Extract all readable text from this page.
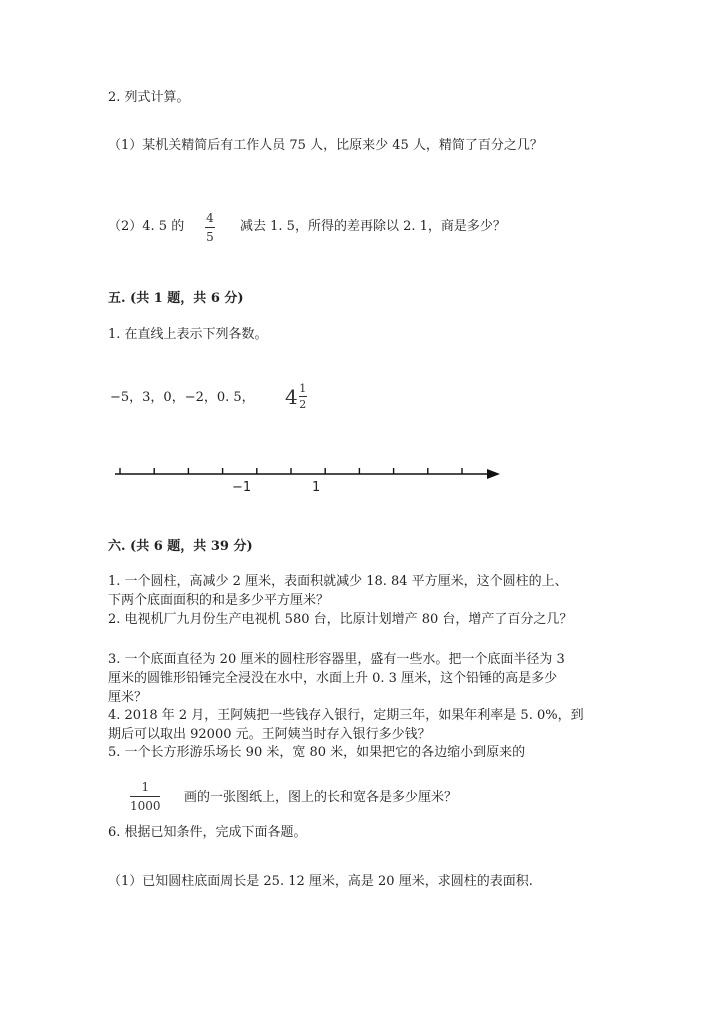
2. 列式计算。
（1）某机关精简后有工作人员 75 人，比原来少 45 人，精简了百分之几？
（2）4. 5 的
4
5
减去 1. 5，所得的差再除以 2. 1，商是多少？
五. (共 1 题，共 6 分)
1. 在直线上表示下列各数。
−5，3，0，−2，0. 5， 4 1
2
−1	1
六. (共 6 题，共 39 分)
1. 一个圆柱，高减少 2 厘米，表面积就减少 18. 84 平方厘米，这个圆柱的上、
下两个底面面积的和是多少平方厘米？
2. 电视机厂九月份生产电视机 580 台，比原计划增产 80 台，增产了百分之几？
3. 一个底面直径为 20 厘米的圆柱形容器里，盛有一些水。把一个底面半径为 3
厘米的圆锥形铅锤完全浸没在水中，水面上升 0. 3 厘米，这个铅锤的高是多少
厘米？
4. 2018 年 2 月，王阿姨把一些钱存入银行，定期三年，如果年利率是 5. 0%，到
期后可以取出 92000 元。王阿姨当时存入银行多少钱？
5. 一个长方形游乐场长 90 米，宽 80 米，如果把它的各边缩小到原来的
1
1000
画的一张图纸上，图上的长和宽各是多少厘米？
6. 根据已知条件，完成下面各题。
（1）已知圆柱底面周长是 25. 12 厘米，高是 20 厘米，求圆柱的表面积.
